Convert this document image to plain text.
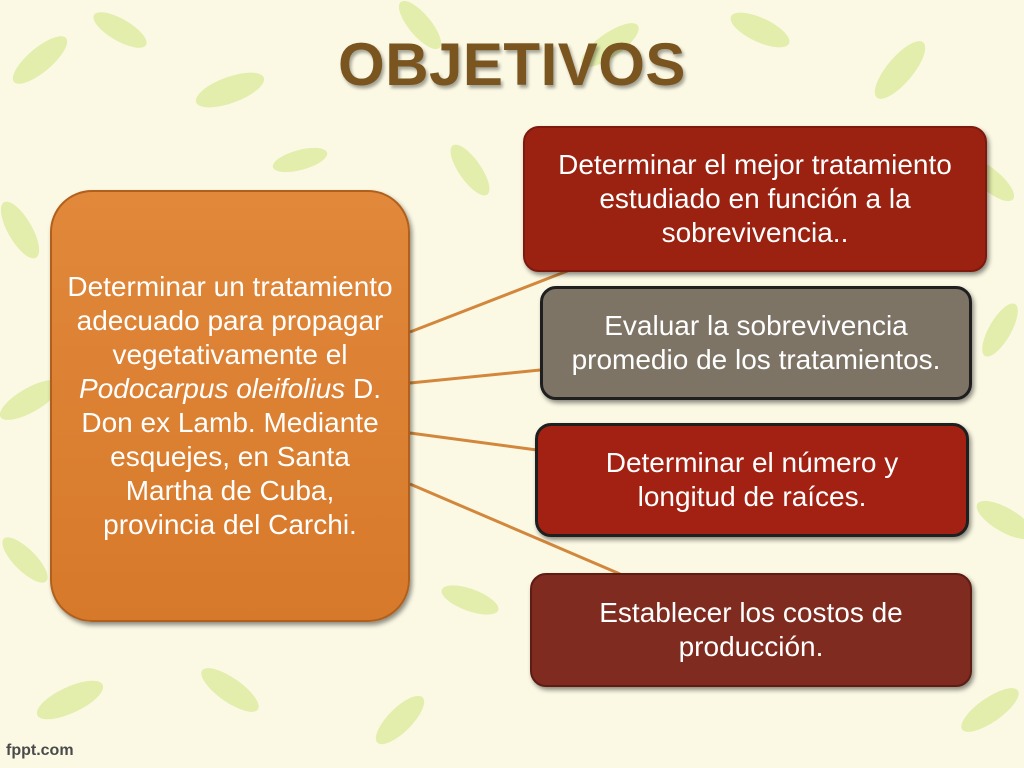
OBJETIVOS
Determinar un tratamiento adecuado para propagar vegetativamente el Podocarpus oleifolius D. Don ex Lamb. Mediante esquejes, en Santa Martha de Cuba, provincia del Carchi.
Determinar el mejor tratamiento estudiado en función a la sobrevivencia..
Evaluar la sobrevivencia promedio de los tratamientos.
Determinar el número y longitud de raíces.
Establecer los costos de producción.
fppt.com
